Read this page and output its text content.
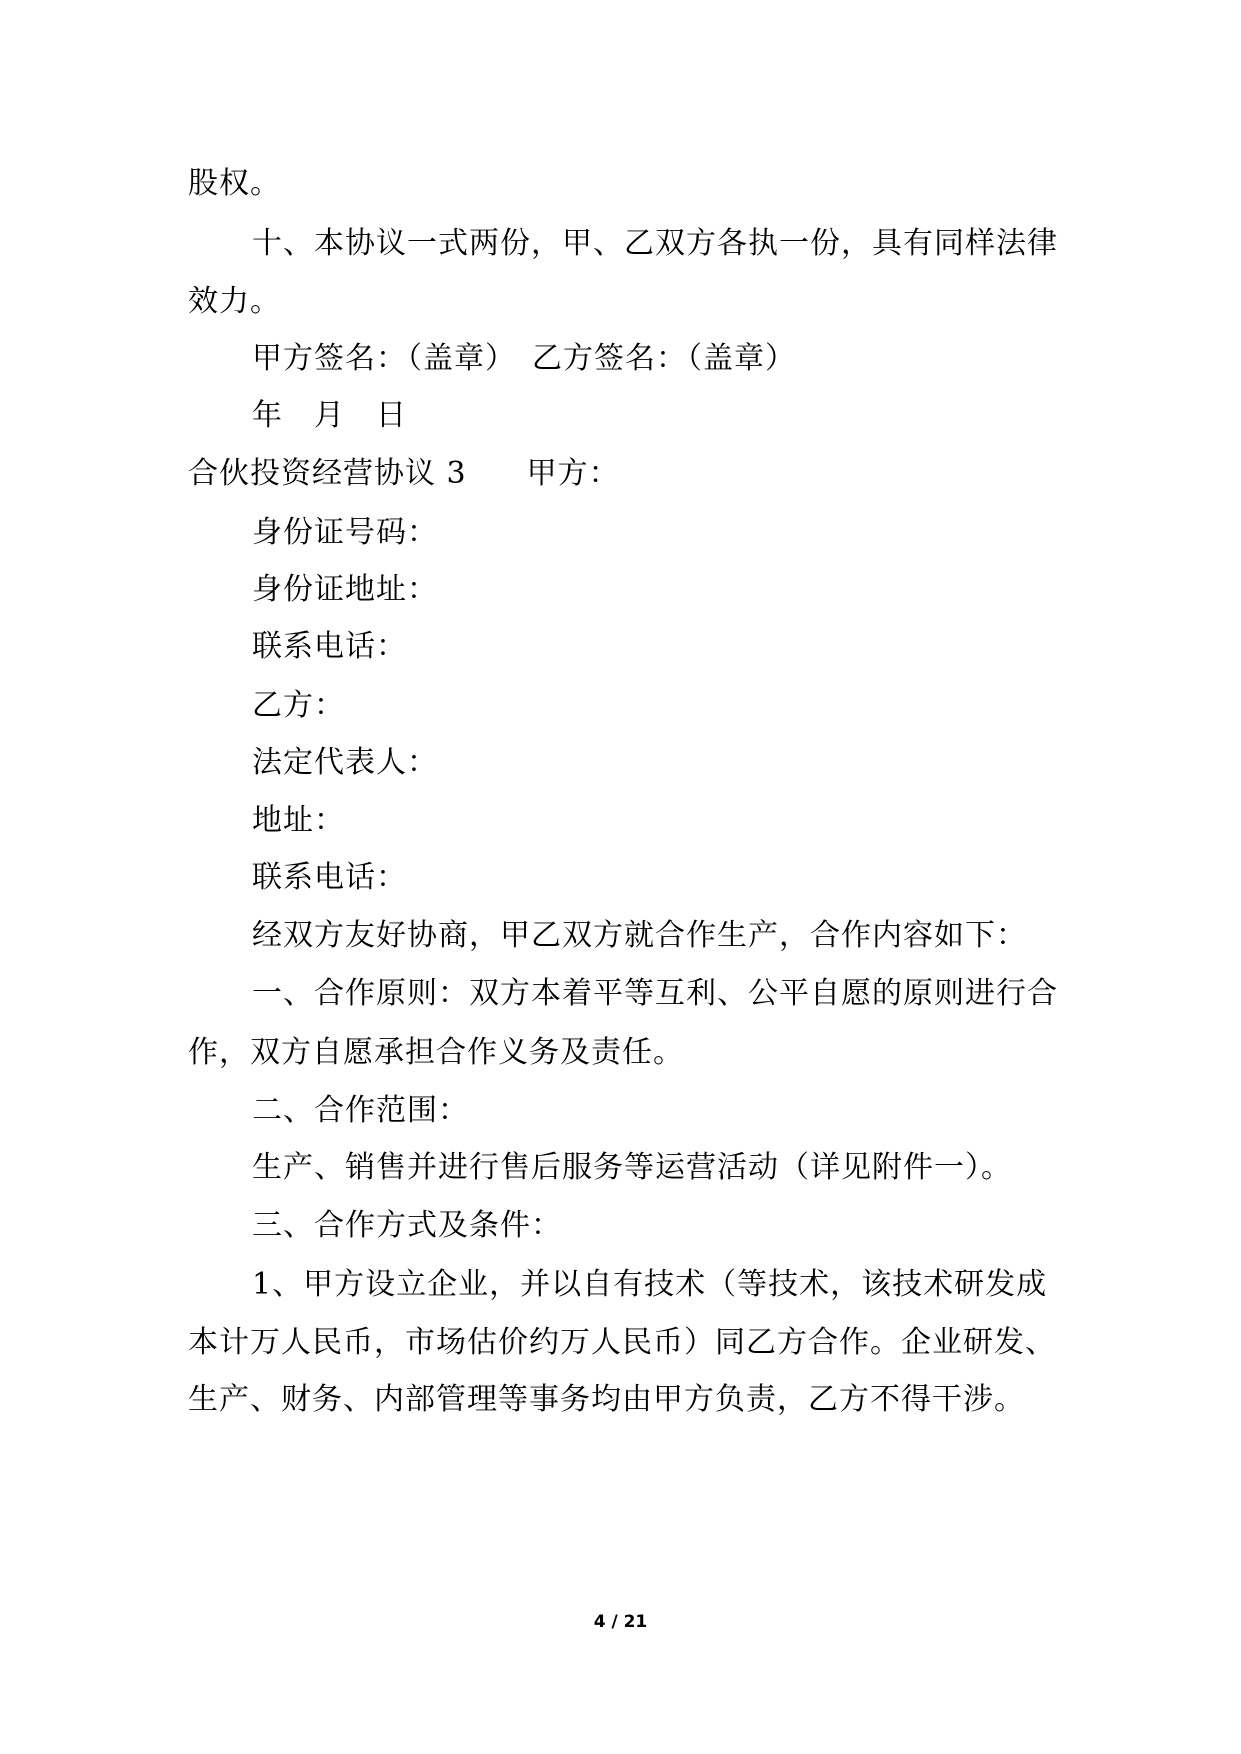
股权。
十、本协议一式两份，甲、乙双方各执一份，具有同样法律
效力。
甲方签名：（盖章）　乙方签名：（盖章）
年　月　日
合伙投资经营协议 3 甲方：
身份证号码：
身份证地址：
联系电话：
乙方：
法定代表人：
地址：
联系电话：
经双方友好协商，甲乙双方就合作生产，合作内容如下：
一、合作原则：双方本着平等互利、公平自愿的原则进行合
作，双方自愿承担合作义务及责任。
二、合作范围：
生产、销售并进行售后服务等运营活动（详见附件一）。
三、合作方式及条件：
1、甲方设立企业，并以自有技术（等技术，该技术研发成
本计万人民币，市场估价约万人民币）同乙方合作。企业研发、
生产、财务、内部管理等事务均由甲方负责，乙方不得干涉。
4 / 21
